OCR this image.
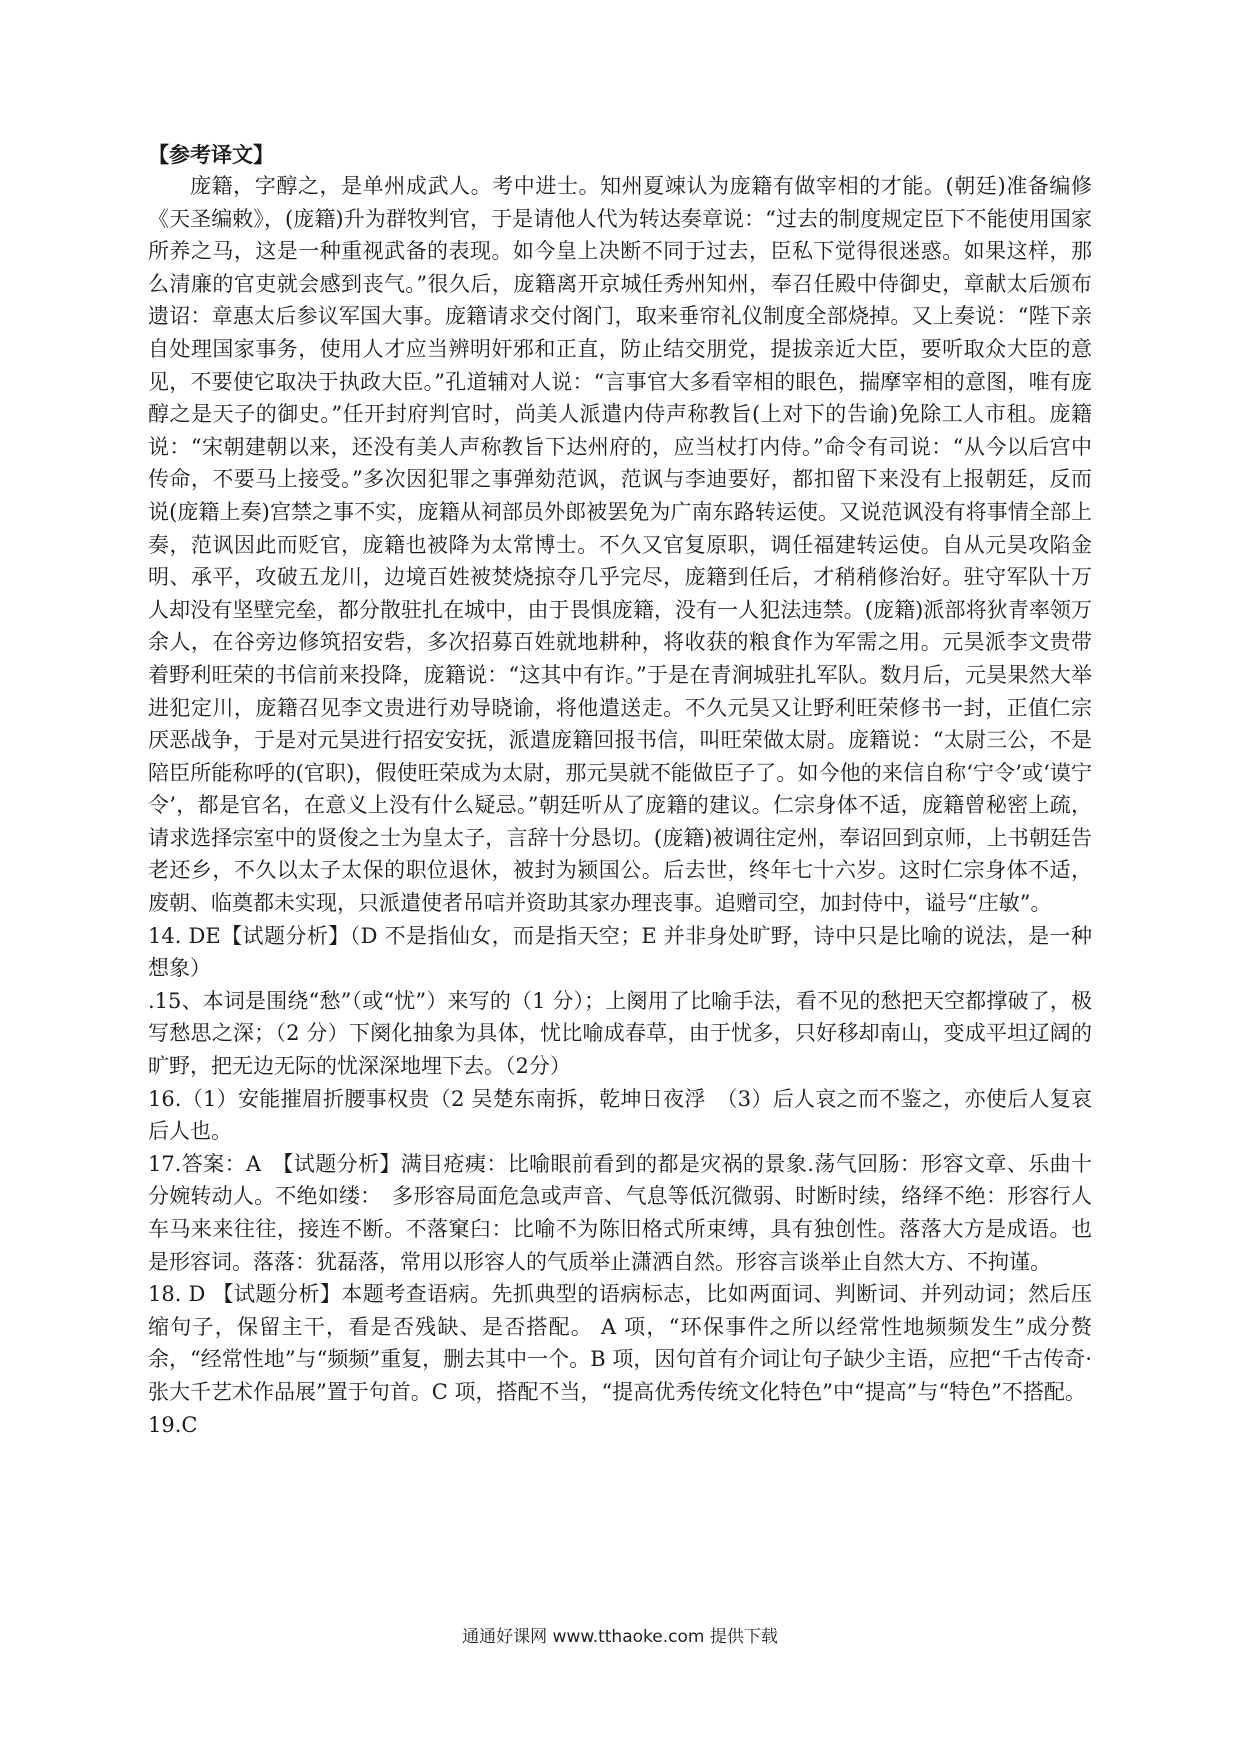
【参考译文】

庞籍，字醇之，是单州成武人。考中进士。知州夏竦认为庞籍有做宰相的才能。(朝廷)准备编修《天圣编敕》，(庞籍)升为群牧判官，于是请他人代为转达奏章说：“过去的制度规定臣下不能使用国家所养之马，这是一种重视武备的表现。如今皇上决断不同于过去，臣私下觉得很迷惑。如果这样，那么清廉的官吏就会感到丧气。”很久后，庞籍离开京城任秀州知州，奉召任殿中侍御史，章献太后颁布遗诏：章惠太后参议军国大事。庞籍请求交付阁门，取来垂帘礼仪制度全部烧掉。又上奏说：“陛下亲自处理国家事务，使用人才应当辨明奸邪和正直，防止结交朋党，提拔亲近大臣，要听取众大臣的意见，不要使它取决于执政大臣。”孔道辅对人说：“言事官大多看宰相的眼色，揣摩宰相的意图，唯有庞醇之是天子的御史。”任开封府判官时，尚美人派遣内侍声称教旨(上对下的告谕)免除工人市租。庞籍说：“宋朝建朝以来，还没有美人声称教旨下达州府的，应当杖打内侍。”命令有司说：“从今以后宫中传命，不要马上接受。”多次因犯罪之事弹劾范讽，范讽与李迪要好，都扣留下来没有上报朝廷，反而说(庞籍上奏)宫禁之事不实，庞籍从祠部员外郎被罢免为广南东路转运使。又说范讽没有将事情全部上奏，范讽因此而贬官，庞籍也被降为太常博士。不久又官复原职，调任福建转运使。自从元昊攻陷金明、承平，攻破五龙川，边境百姓被焚烧掠夺几乎完尽，庞籍到任后，才稍稍修治好。驻守军队十万人却没有坚壁完垒，都分散驻扎在城中，由于畏惧庞籍，没有一人犯法违禁。(庞籍)派部将狄青率领万余人，在谷旁边修筑招安砦，多次招募百姓就地耕种，将收获的粮食作为军需之用。元昊派李文贵带着野利旺荣的书信前来投降，庞籍说：“这其中有诈。”于是在青涧城驻扎军队。数月后，元昊果然大举进犯定川，庞籍召见李文贵进行劝导晓谕，将他遣送走。不久元昊又让野利旺荣修书一封，正值仁宗厌恶战争，于是对元昊进行招安安抚，派遣庞籍回报书信，叫旺荣做太尉。庞籍说：“太尉三公，不是陪臣所能称呼的(官职)，假使旺荣成为太尉，那元昊就不能做臣子了。如今他的来信自称‘宁令’或‘谟宁令’，都是官名，在意义上没有什么疑忌。”朝廷听从了庞籍的建议。仁宗身体不适，庞籍曾秘密上疏，请求选择宗室中的贤俊之士为皇太子，言辞十分恳切。(庞籍)被调往定州，奉诏回到京师，上书朝廷告老还乡，不久以太子太保的职位退休，被封为颍国公。后去世，终年七十六岁。这时仁宗身体不适，废朝、临奠都未实现，只派遣使者吊唁并资助其家办理丧事。追赠司空，加封侍中，谥号“庄敏”。

14. DE【试题分析】（D 不是指仙女，而是指天空；E 并非身处旷野，诗中只是比喻的说法，是一种想象）

.15、本词是围绕“愁”（或“忧”）来写的（1 分）；上阕用了比喻手法，看不见的愁把天空都撑破了，极写愁思之深；（2 分）下阕化抽象为具体，忧比喻成春草，由于忧多，只好移却南山，变成平坦辽阔的旷野，把无边无际的忧深深地埋下去。（2分）

16.（1）安能摧眉折腰事权贵（2 吴楚东南拆，乾坤日夜浮　（3）后人哀之而不鉴之，亦使后人复哀后人也。

17.答案：A　【试题分析】满目疮痍：比喻眼前看到的都是灾祸的景象.荡气回肠：形容文章、乐曲十分婉转动人。不绝如缕：　多形容局面危急或声音、气息等低沉微弱、时断时续，络绎不绝：形容行人车马来来往往，接连不断。不落窠臼：比喻不为陈旧格式所束缚，具有独创性。落落大方是成语。也是形容词。落落：犹磊落，常用以形容人的气质举止潇洒自然。形容言谈举止自然大方、不拘谨。

18. D 【试题分析】本题考查语病。先抓典型的语病标志，比如两面词、判断词、并列动词；然后压缩句子，保留主干，看是否残缺、是否搭配。 A 项，“环保事件之所以经常性地频频发生”成分赘余，“经常性地”与“频频”重复，删去其中一个。B 项，因句首有介词让句子缺少主语，应把“千古传奇·张大千艺术作品展”置于句首。C 项，搭配不当，“提高优秀传统文化特色”中“提高”与“特色”不搭配。

19.C

通通好课网 www.tthaoke.com 提供下载
